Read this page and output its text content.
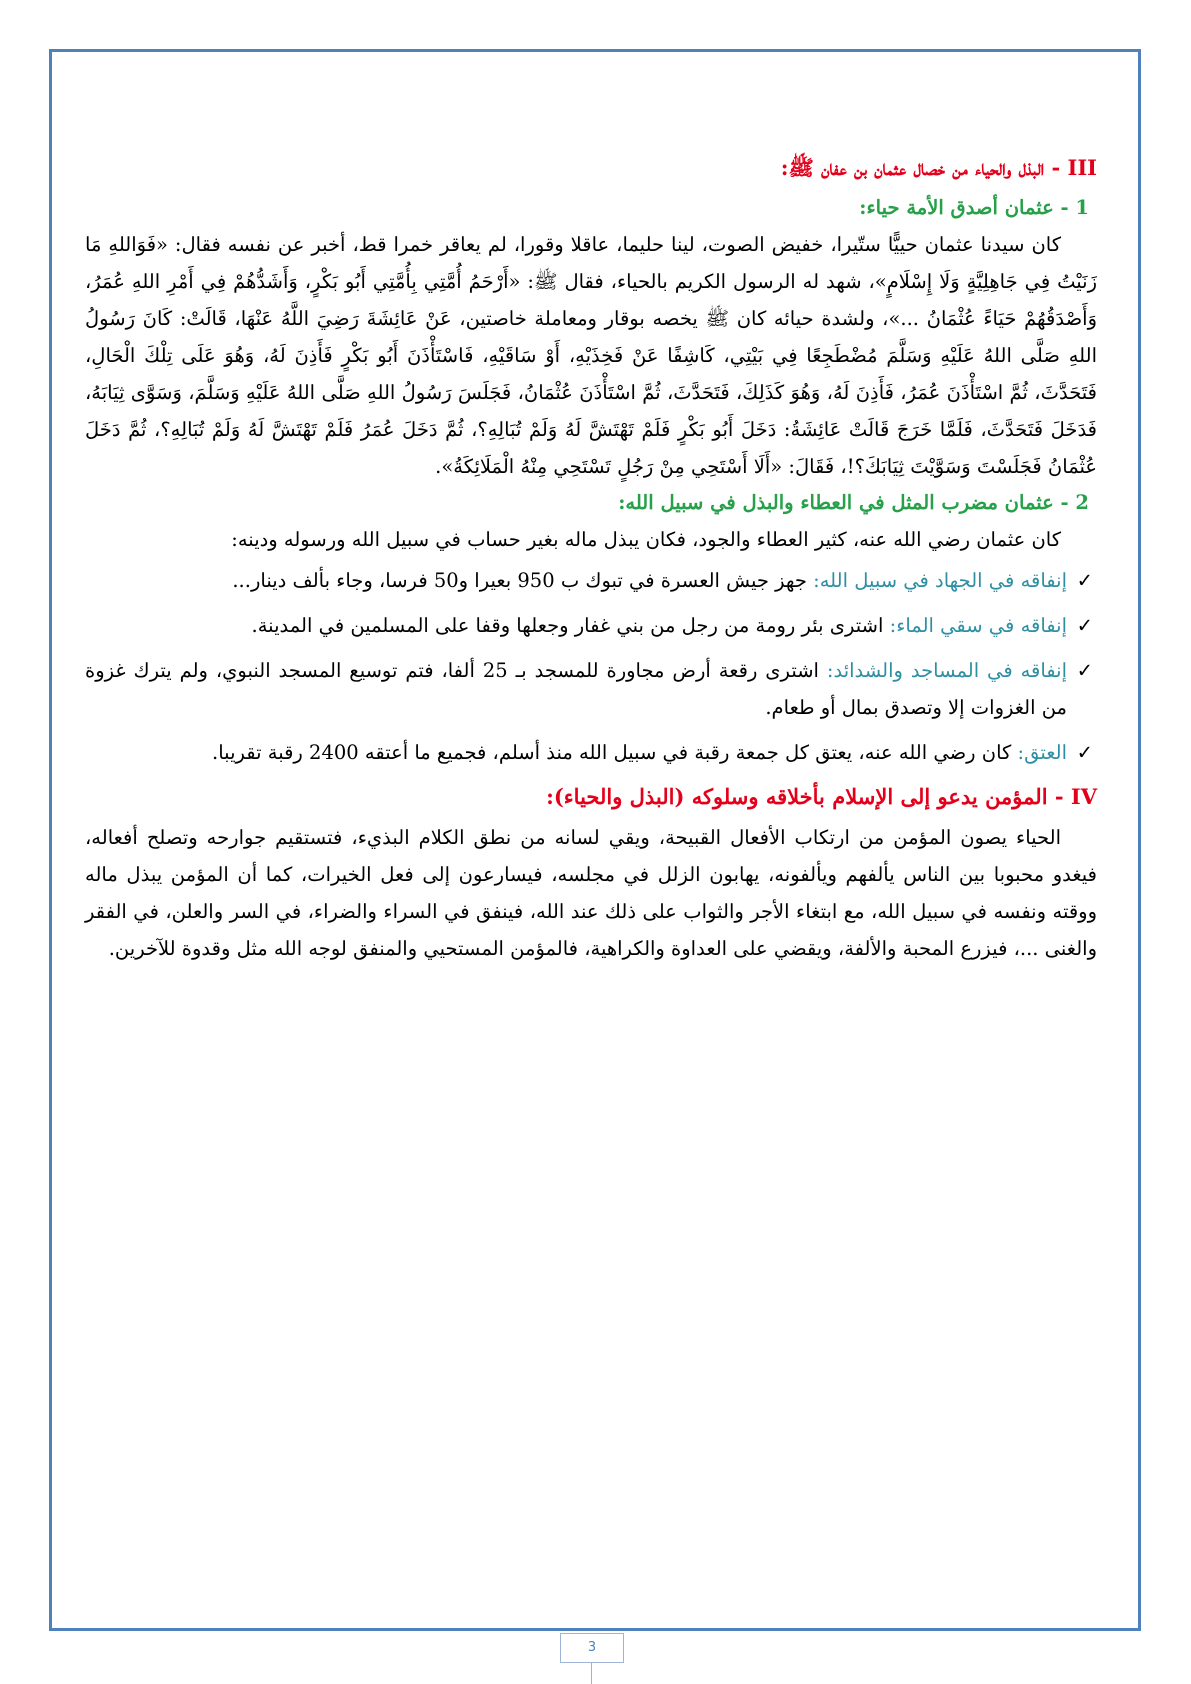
III - البذل والحياء من خصال عثمان بن عفان ﷺ:
1 - عثمان أصدق الأمة حياء:

كان سيدنا عثمان حييًّا ستّيرا، خفيض الصوت، لينا حليما، عاقلا وقورا، لم يعاقر خمرا قط، أخبر عن نفسه فقال: «فَوَاللهِ مَا زَنَيْتُ فِي جَاهِلِيَّةٍ وَلَا إِسْلَامٍ»، شهد له الرسول الكريم بالحياء، فقال ﷺ: «أَرْحَمُ أُمَّتِي بِأُمَّتِي أَبُو بَكْرٍ، وَأَشَدُّهُمْ فِي أَمْرِ اللهِ عُمَرُ، وَأَصْدَقُهُمْ حَيَاءً عُثْمَانُ ...»، ولشدة حيائه كان ﷺ يخصه بوقار ومعاملة خاصتين، عَنْ عَائِشَةَ رَضِيَ اللَّهُ عَنْهَا، قَالَتْ: كَانَ رَسُولُ اللهِ صَلَّى اللهُ عَلَيْهِ وَسَلَّمَ مُضْطَجِعًا فِي بَيْتِي، كَاشِفًا عَنْ فَخِذَيْهِ، أَوْ سَاقَيْهِ، فَاسْتَأْذَنَ أَبُو بَكْرٍ فَأَذِنَ لَهُ، وَهُوَ عَلَى تِلْكَ الْحَالِ، فَتَحَدَّثَ، ثُمَّ اسْتَأْذَنَ عُمَرُ، فَأَذِنَ لَهُ، وَهُوَ كَذَلِكَ، فَتَحَدَّثَ، ثُمَّ اسْتَأْذَنَ عُثْمَانُ، فَجَلَسَ رَسُولُ اللهِ صَلَّى اللهُ عَلَيْهِ وَسَلَّمَ، وَسَوَّى ثِيَابَهُ، فَدَخَلَ فَتَحَدَّثَ، فَلَمَّا خَرَجَ قَالَتْ عَائِشَةُ: دَخَلَ أَبُو بَكْرٍ فَلَمْ تَهْتَشَّ لَهُ وَلَمْ تُبَالِهِ؟، ثُمَّ دَخَلَ عُمَرُ فَلَمْ تَهْتَشَّ لَهُ وَلَمْ تُبَالِهِ؟، ثُمَّ دَخَلَ عُثْمَانُ فَجَلَسْتَ وَسَوَّيْتَ ثِيَابَكَ؟!، فَقَالَ: «أَلَا أَسْتَحِي مِنْ رَجُلٍ تَسْتَحِي مِنْهُ الْمَلَائِكَةُ».

2 - عثمان مضرب المثل في العطاء والبذل في سبيل الله:

كان عثمان رضي الله عنه، كثير العطاء والجود، فكان يبذل ماله بغير حساب في سبيل الله ورسوله ودينه:

✓
إنفاقه في الجهاد في سبيل الله: جهز جيش العسرة في تبوك ب 950 بعيرا و50 فرسا، وجاء بألف دينار...
✓
إنفاقه في سقي الماء: اشترى بئر رومة من رجل من بني غفار وجعلها وقفا على المسلمين في المدينة.
✓
إنفاقه في المساجد والشدائد: اشترى رقعة أرض مجاورة للمسجد بـ 25 ألفا، فتم توسيع المسجد النبوي، ولم يترك غزوة من الغزوات إلا وتصدق بمال أو طعام.
✓
العتق: كان رضي الله عنه، يعتق كل جمعة رقبة في سبيل الله منذ أسلم، فجميع ما أعتقه 2400 رقبة تقريبا.
IV - المؤمن يدعو إلى الإسلام بأخلاقه وسلوكه (البذل والحياء):

الحياء يصون المؤمن من ارتكاب الأفعال القبيحة، ويقي لسانه من نطق الكلام البذيء، فتستقيم جوارحه وتصلح أفعاله، فيغدو محبوبا بين الناس يألفهم ويألفونه، يهابون الزلل في مجلسه، فيسارعون إلى فعل الخيرات، كما أن المؤمن يبذل ماله ووقته ونفسه في سبيل الله، مع ابتغاء الأجر والثواب على ذلك عند الله، فينفق في السراء والضراء، في السر والعلن، في الفقر والغنى ...، فيزرع المحبة والألفة، ويقضي على العداوة والكراهية، فالمؤمن المستحيي والمنفق لوجه الله مثل وقدوة للآخرين.

3
